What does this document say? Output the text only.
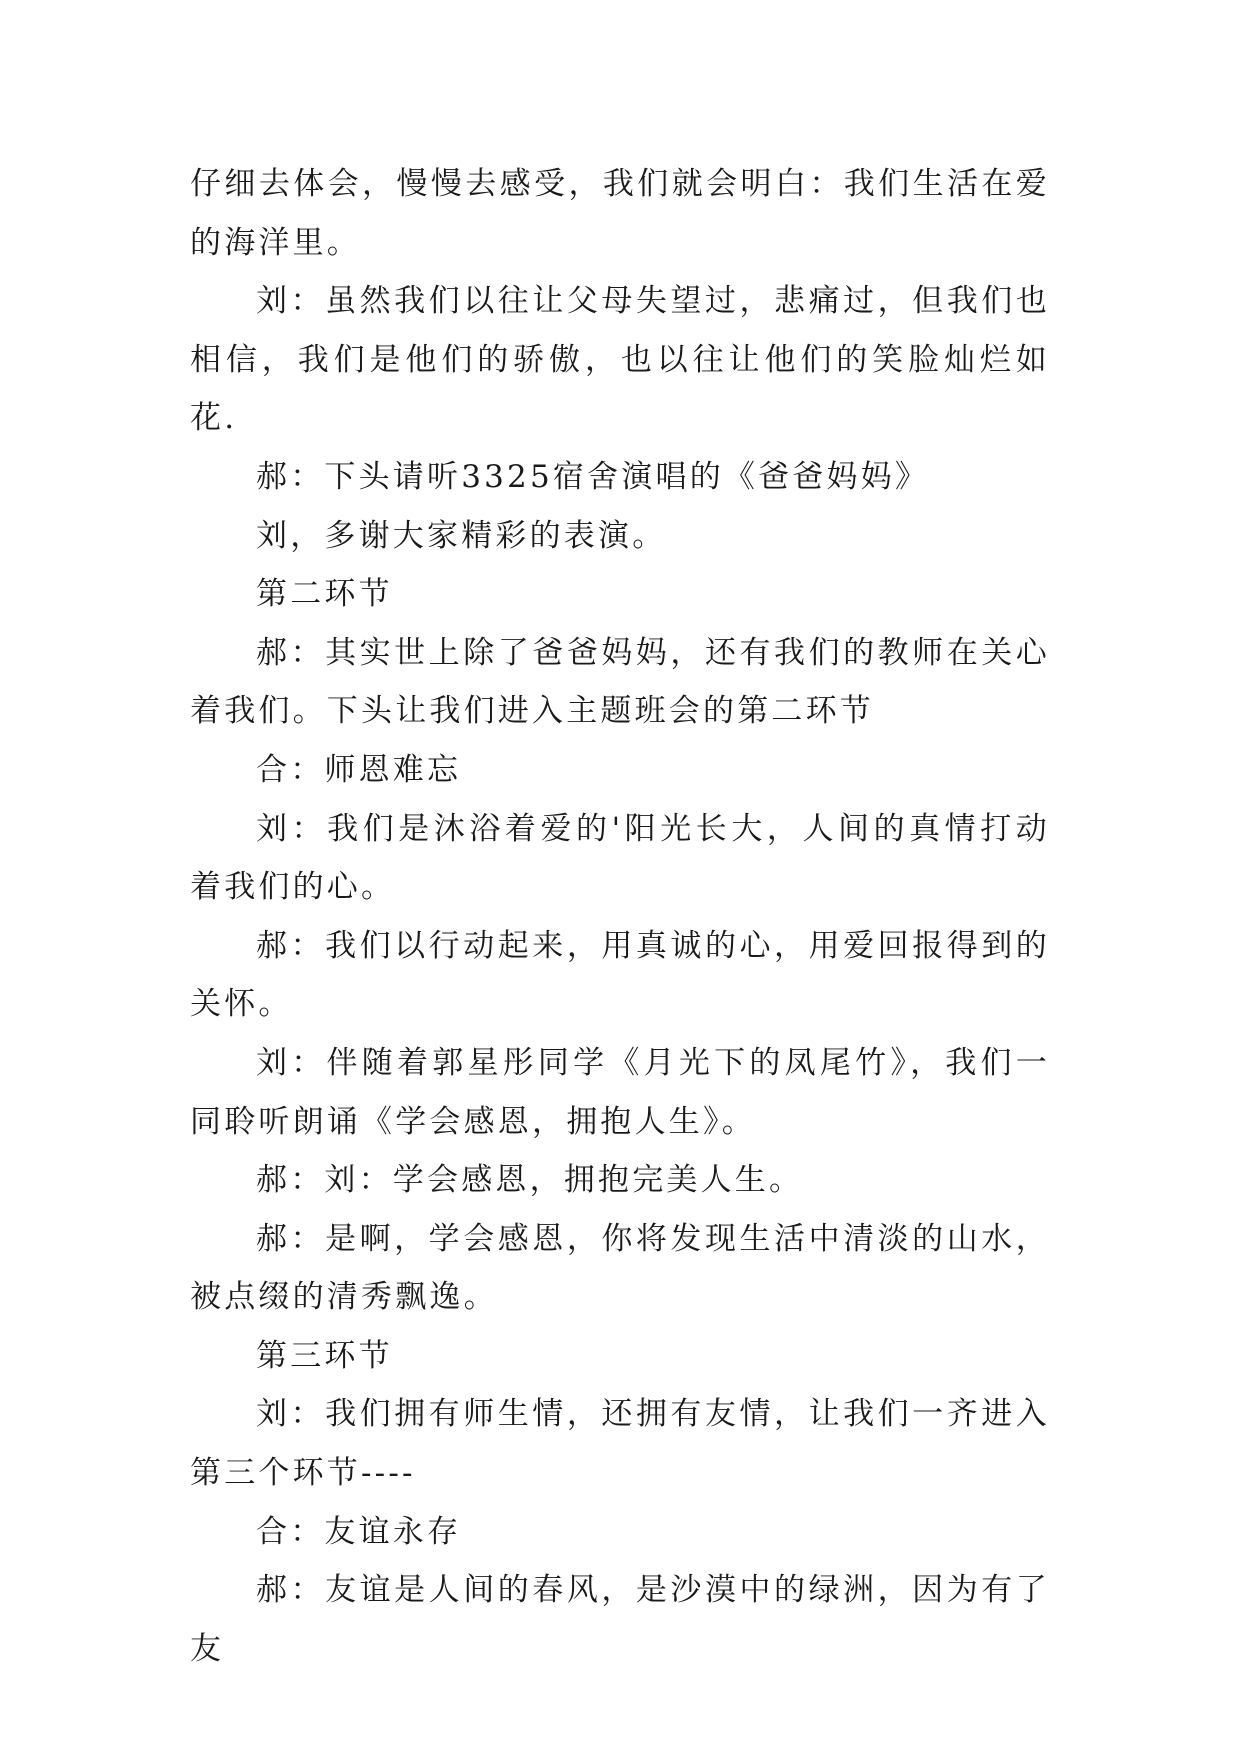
仔细去体会，慢慢去感受，我们就会明白：我们生活在爱的海洋里。

刘：虽然我们以往让父母失望过，悲痛过，但我们也相信，我们是他们的骄傲，也以往让他们的笑脸灿烂如花.

郝：下头请听3325宿舍演唱的《爸爸妈妈》

刘，多谢大家精彩的表演。

第二环节

郝：其实世上除了爸爸妈妈，还有我们的教师在关心着我们。下头让我们进入主题班会的第二环节

合：师恩难忘

刘：我们是沐浴着爱的'阳光长大，人间的真情打动着我们的心。

郝：我们以行动起来，用真诚的心，用爱回报得到的关怀。

刘：伴随着郭星彤同学《月光下的凤尾竹》，我们一同聆听朗诵《学会感恩，拥抱人生》。

郝：刘：学会感恩，拥抱完美人生。

郝：是啊，学会感恩，你将发现生活中清淡的山水，被点缀的清秀飘逸。

第三环节

刘：我们拥有师生情，还拥有友情，让我们一齐进入第三个环节----

合：友谊永存

郝：友谊是人间的春风，是沙漠中的绿洲，因为有了友
